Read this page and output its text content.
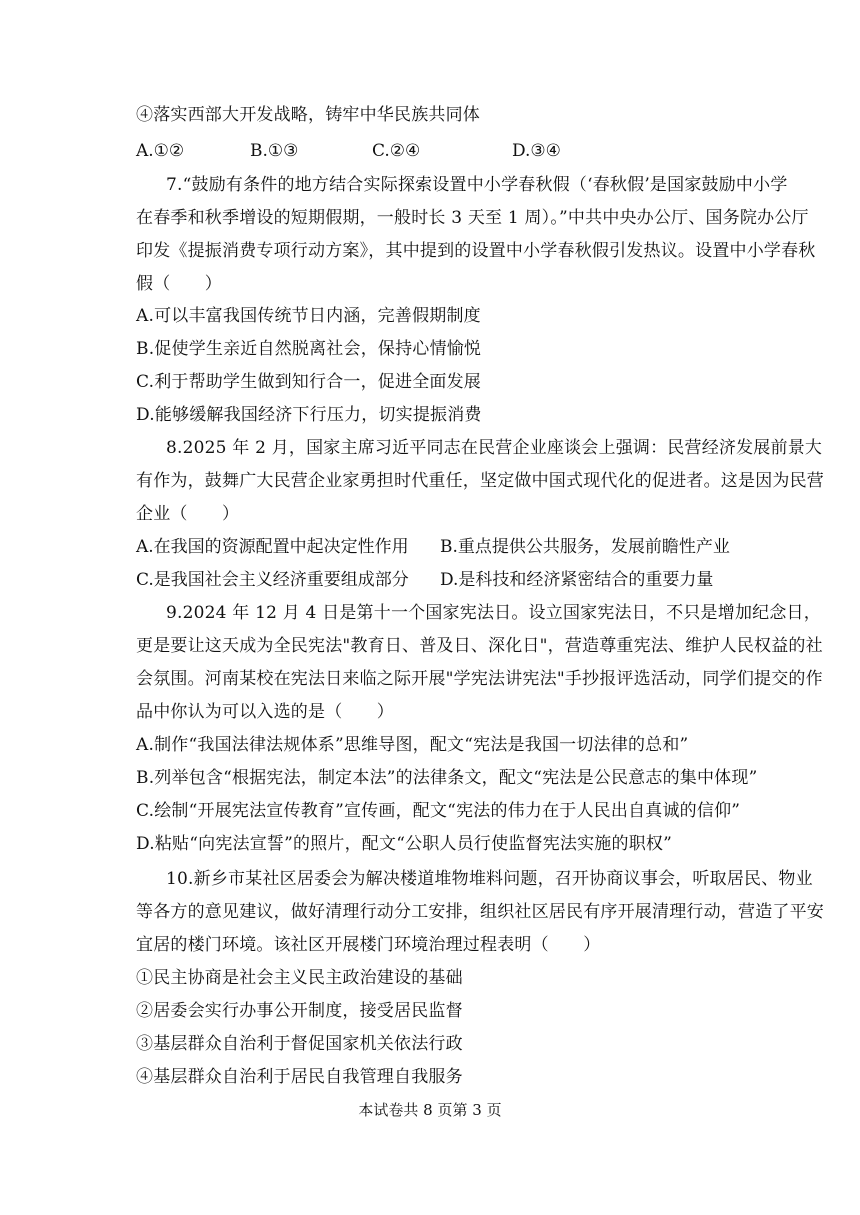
④落实西部大开发战略，铸牢中华民族共同体
A.①②	B.①③	C.②④	D.③④
7.“鼓励有条件的地方结合实际探索设置中小学春秋假（‘春秋假’是国家鼓励中小学
在春季和秋季增设的短期假期，一般时长 3 天至 1 周）。”中共中央办公厅、国务院办公厅
印发《提振消费专项行动方案》，其中提到的设置中小学春秋假引发热议。设置中小学春秋
假（　　）
A.可以丰富我国传统节日内涵，完善假期制度
B.促使学生亲近自然脱离社会，保持心情愉悦
C.利于帮助学生做到知行合一，促进全面发展
D.能够缓解我国经济下行压力，切实提振消费
8.2025 年 2 月，国家主席习近平同志在民营企业座谈会上强调：民营经济发展前景大
有作为，鼓舞广大民营企业家勇担时代重任，坚定做中国式现代化的促进者。这是因为民营
企业（　　）
A.在我国的资源配置中起决定性作用 B.重点提供公共服务，发展前瞻性产业
C.是我国社会主义经济重要组成部分 D.是科技和经济紧密结合的重要力量
9.2024 年 12 月 4 日是第十一个国家宪法日。设立国家宪法日，不只是增加纪念日，
更是要让这天成为全民宪法"教育日、普及日、深化日"，营造尊重宪法、维护人民权益的社
会氛围。河南某校在宪法日来临之际开展"学宪法讲宪法"手抄报评选活动，同学们提交的作
品中你认为可以入选的是（　　）
A.制作“我国法律法规体系”思维导图，配文“宪法是我国一切法律的总和”
B.列举包含“根据宪法，制定本法”的法律条文，配文“宪法是公民意志的集中体现”
C.绘制“开展宪法宣传教育”宣传画，配文“宪法的伟力在于人民出自真诚的信仰”
D.粘贴“向宪法宣誓”的照片，配文“公职人员行使监督宪法实施的职权”
10.新乡市某社区居委会为解决楼道堆物堆料问题，召开协商议事会，听取居民、物业
等各方的意见建议，做好清理行动分工安排，组织社区居民有序开展清理行动，营造了平安
宜居的楼门环境。该社区开展楼门环境治理过程表明（　　）
①民主协商是社会主义民主政治建设的基础
②居委会实行办事公开制度，接受居民监督
③基层群众自治利于督促国家机关依法行政
④基层群众自治利于居民自我管理自我服务
本试卷共 8 页第 3 页
